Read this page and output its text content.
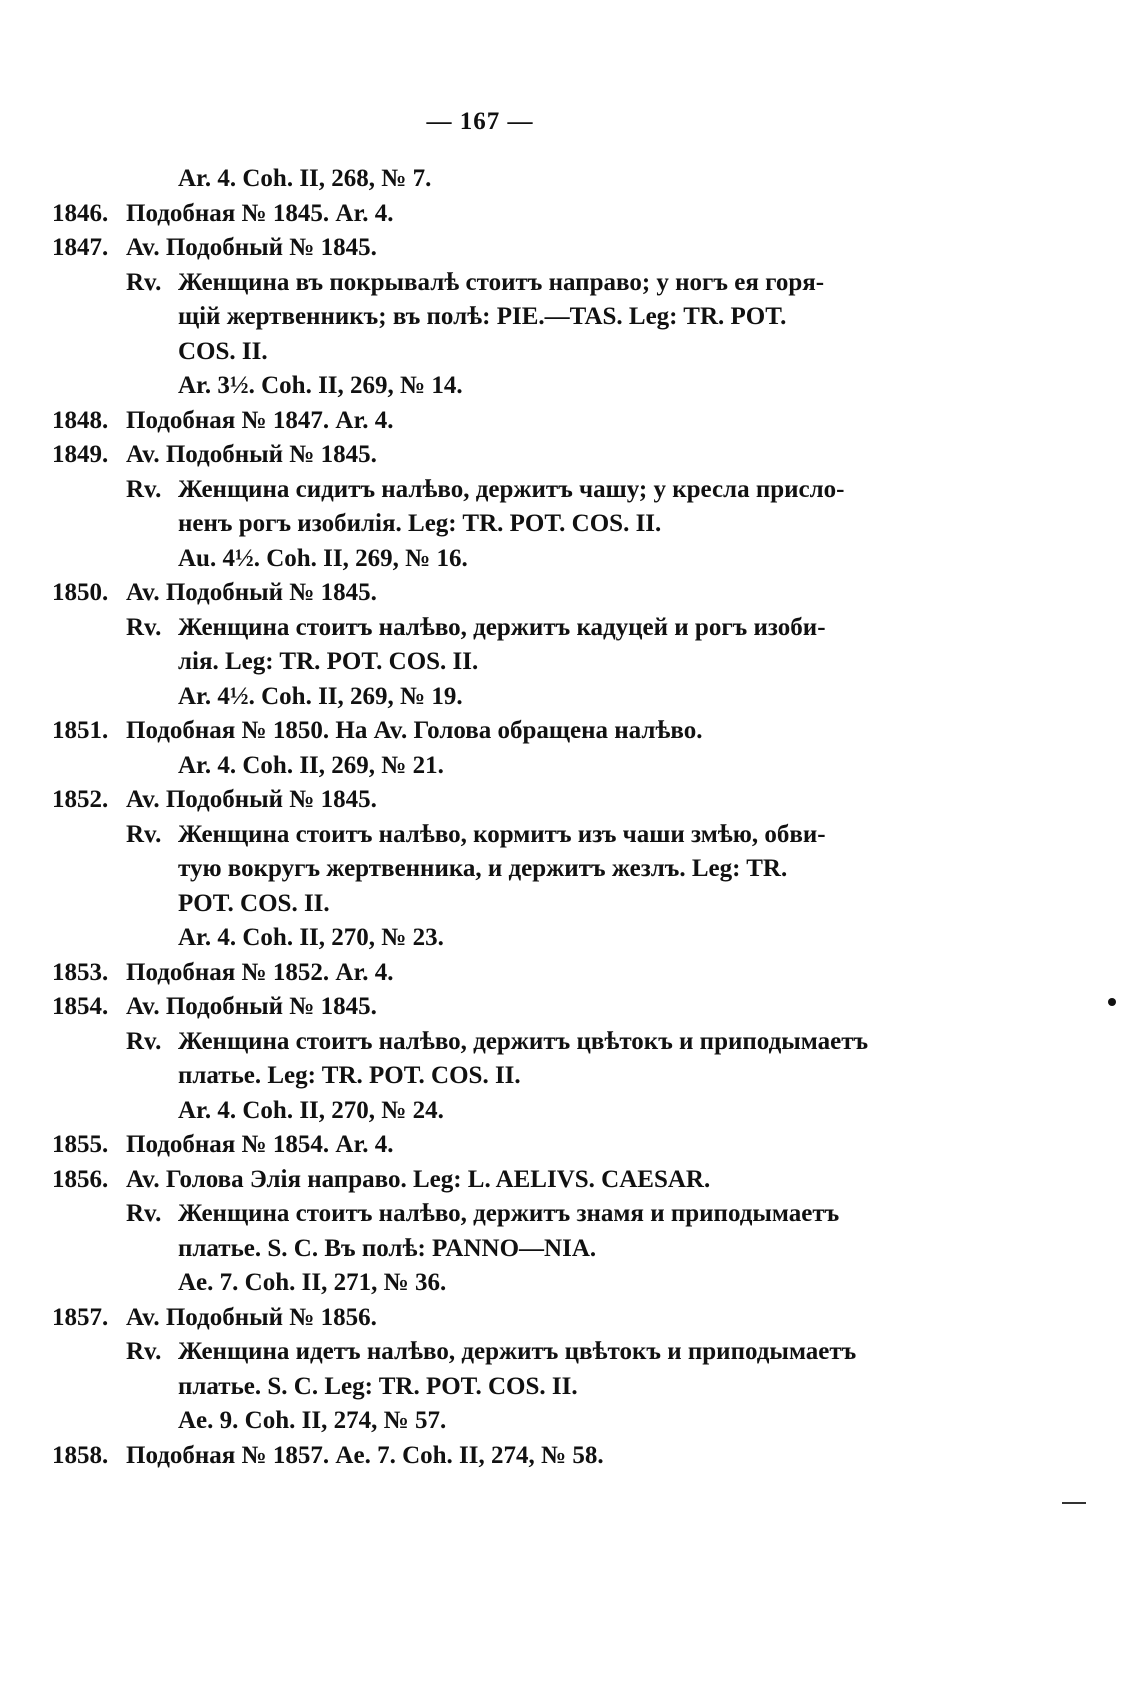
— 167 —
Ar. 4. Coh. II, 268, № 7.
1846. Подобная № 1845. Ar. 4.
1847. Av. Подобный № 1845.
Rv. Женщина въ покрывалѣ стоитъ направо; у ногъ ея горя-
щій жертвенникъ; въ полѣ: PIE.—TAS. Leg: TR. POT.
COS. II.
Ar. 3½. Coh. II, 269, № 14.
1848. Подобная № 1847. Ar. 4.
1849. Av. Подобный № 1845.
Rv. Женщина сидитъ налѣво, держитъ чашу; у кресла присло-
ненъ рогъ изобилія. Leg: TR. POT. COS. II.
Au. 4½. Coh. II, 269, № 16.
1850. Av. Подобный № 1845.
Rv. Женщина стоитъ налѣво, держитъ кадуцей и рогъ изоби-
лія. Leg: TR. POT. COS. II.
Ar. 4½. Coh. II, 269, № 19.
1851. Подобная № 1850. На Av. Голова обращена налѣво.
Ar. 4. Coh. II, 269, № 21.
1852. Av. Подобный № 1845.
Rv. Женщина стоитъ налѣво, кормитъ изъ чаши змѣю, обви-
тую вокругъ жертвенника, и держитъ жезлъ. Leg: TR.
POT. COS. II.
Ar. 4. Coh. II, 270, № 23.
1853. Подобная № 1852. Ar. 4.
1854. Av. Подобный № 1845.
Rv. Женщина стоитъ налѣво, держитъ цвѣтокъ и приподымаетъ
платье. Leg: TR. POT. COS. II.
Ar. 4. Coh. II, 270, № 24.
1855. Подобная № 1854. Ar. 4.
1856. Av. Голова Элія направо. Leg: L. AELIVS. CAESAR.
Rv. Женщина стоитъ налѣво, держитъ знамя и приподымаетъ
платье. S. C. Въ полѣ: PANNO—NIA.
Ae. 7. Coh. II, 271, № 36.
1857. Av. Подобный № 1856.
Rv. Женщина идетъ налѣво, держитъ цвѣтокъ и приподымаетъ
платье. S. C. Leg: TR. POT. COS. II.
Ae. 9. Coh. II, 274, № 57.
1858. Подобная № 1857. Ae. 7. Coh. II, 274, № 58.
